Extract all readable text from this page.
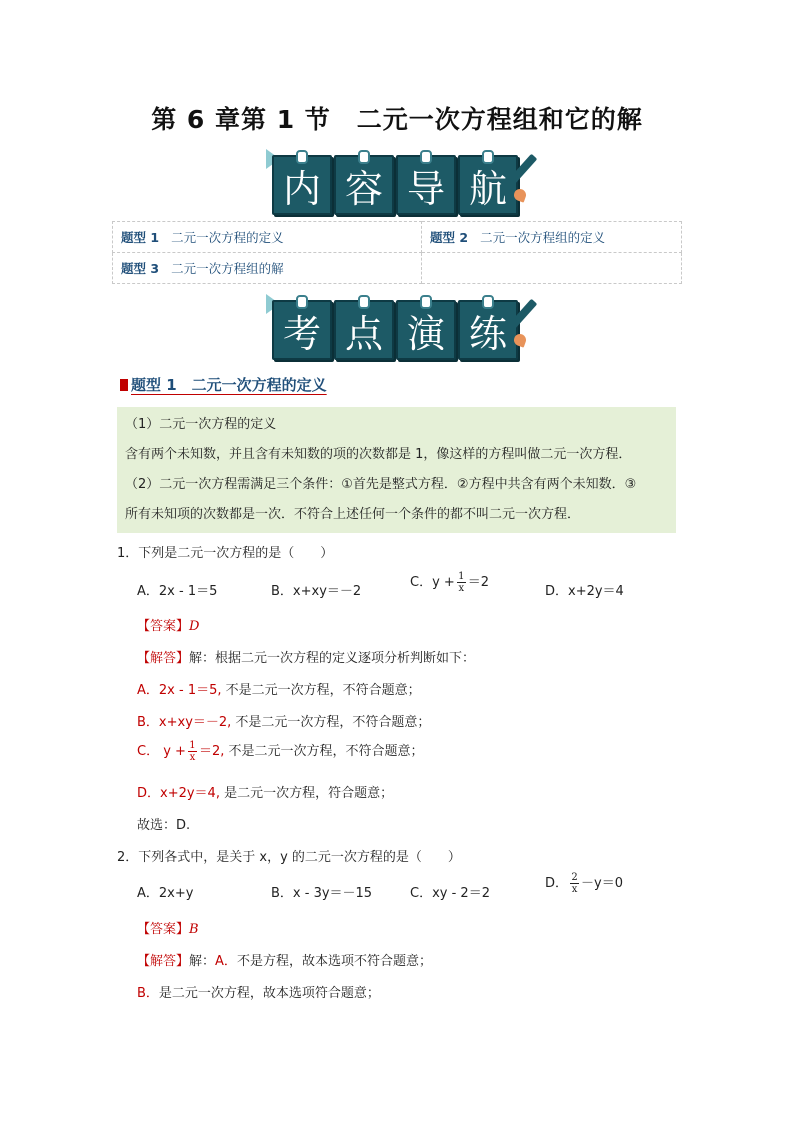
第 6 章第 1 节　二元一次方程组和它的解
内 容 导 航
题型 1 二元一次方程的定义	题型 2 二元一次方程组的定义
题型 3 二元一次方程组的解	
考 点 演 练
题型 1　二元一次方程的定义

（1）二元一次方程的定义

含有两个未知数，并且含有未知数的项的次数都是 1，像这样的方程叫做二元一次方程．

（2）二元一次方程需满足三个条件：①首先是整式方程．②方程中共含有两个未知数．③

所有未知项的次数都是一次．不符合上述任何一个条件的都不叫二元一次方程．

1．下列是二元一次方程的是（　　）
A．2x - 1＝5	B．x+xy＝－2
C．$y + \frac{1}{x} =2$
D．x+2y＝4
【答案】D
【解答】解：根据二元一次方程的定义逐项分析判断如下：
A．2x - 1＝5, 不是二元一次方程，不符合题意；
B．x+xy＝－2, 不是二元一次方程，不符合题意；
C． $y + \frac{1}{x} =2$, 不是二元一次方程，不符合题意；
D．x+2y＝4, 是二元一次方程，符合题意；
故选：D.
2．下列各式中，是关于 x，y 的二元一次方程的是（　　）
A．2x+y	B．x - 3y＝－15	C．xy - 2＝2
D． $\frac{2}{x} -y=0$
【答案】B
【解答】解：A．不是方程，故本选项不符合题意；
B．是二元一次方程，故本选项符合题意；
